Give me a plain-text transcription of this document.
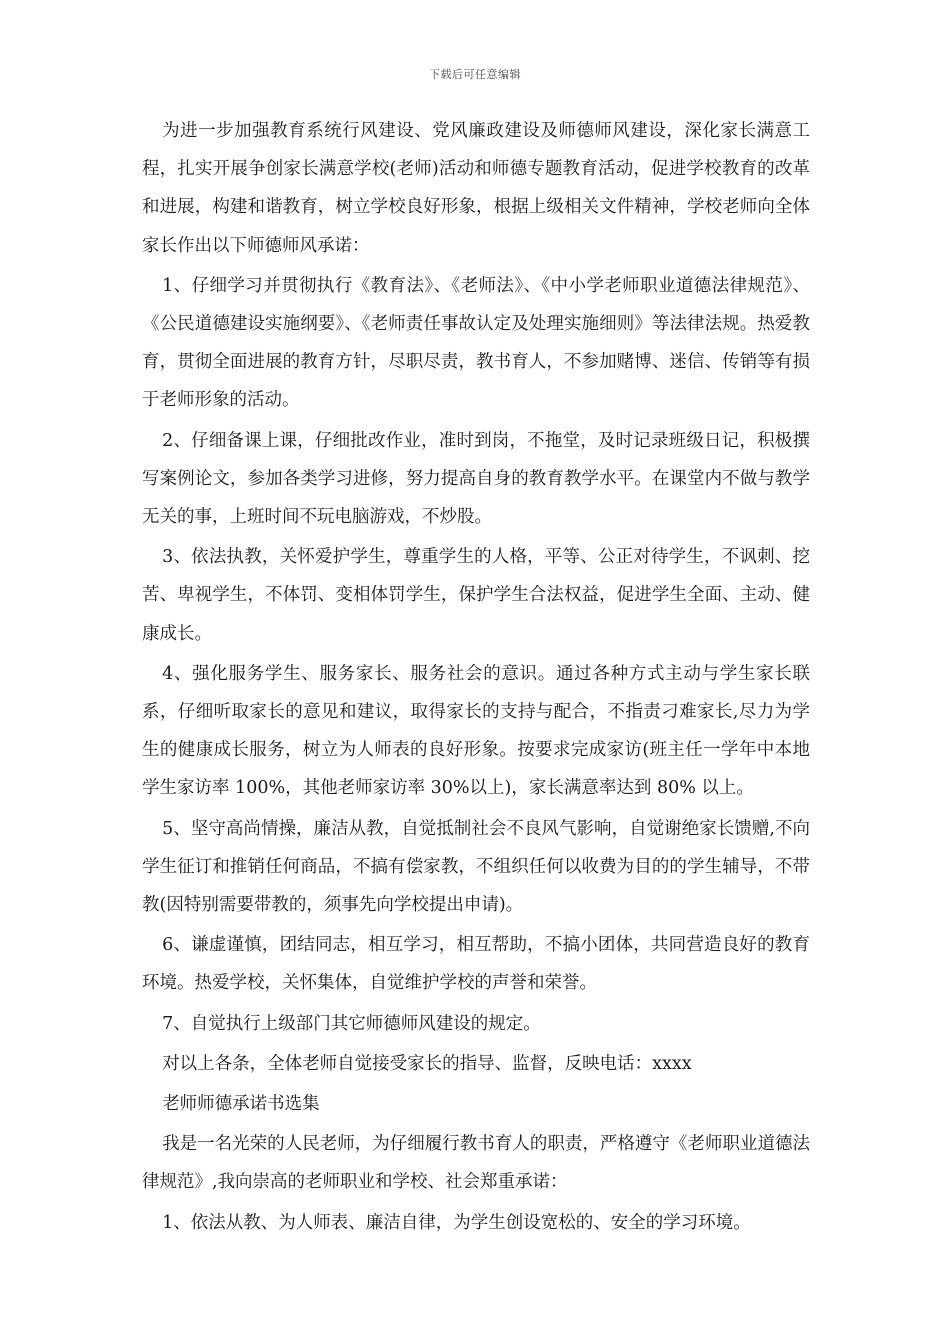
下载后可任意编辑

为进一步加强教育系统行风建设、党风廉政建设及师德师风建设，深化家长满意工程，扎实开展争创家长满意学校(老师)活动和师德专题教育活动，促进学校教育的改革和进展，构建和谐教育，树立学校良好形象，根据上级相关文件精神，学校老师向全体家长作出以下师德师风承诺：

1、仔细学习并贯彻执行《教育法》、《老师法》、《中小学老师职业道德法律规范》、《公民道德建设实施纲要》、《老师责任事故认定及处理实施细则》等法律法规。热爱教育，贯彻全面进展的教育方针，尽职尽责，教书育人，不参加赌博、迷信、传销等有损于老师形象的活动。

2、仔细备课上课，仔细批改作业，准时到岗，不拖堂，及时记录班级日记，积极撰写案例论文，参加各类学习进修，努力提高自身的教育教学水平。在课堂内不做与教学无关的事，上班时间不玩电脑游戏，不炒股。

3、依法执教，关怀爱护学生，尊重学生的人格，平等、公正对待学生，不讽刺、挖苦、卑视学生，不体罚、变相体罚学生，保护学生合法权益，促进学生全面、主动、健康成长。

4、强化服务学生、服务家长、服务社会的意识。通过各种方式主动与学生家长联系，仔细听取家长的意见和建议，取得家长的支持与配合，不指责刁难家长,尽力为学生的健康成长服务，树立为人师表的良好形象。按要求完成家访(班主任一学年中本地学生家访率 100%，其他老师家访率 30%以上)，家长满意率达到 80% 以上。

5、坚守高尚情操，廉洁从教，自觉抵制社会不良风气影响，自觉谢绝家长馈赠,不向学生征订和推销任何商品，不搞有偿家教，不组织任何以收费为目的的学生辅导，不带教(因特别需要带教的，须事先向学校提出申请)。

6、谦虚谨慎，团结同志，相互学习，相互帮助，不搞小团体，共同营造良好的教育环境。热爱学校，关怀集体，自觉维护学校的声誉和荣誉。

7、自觉执行上级部门其它师德师风建设的规定。

对以上各条，全体老师自觉接受家长的指导、监督，反映电话：xxxx

老师师德承诺书选集

我是一名光荣的人民老师，为仔细履行教书育人的职责，严格遵守《老师职业道德法律规范》,我向崇高的老师职业和学校、社会郑重承诺：

1、依法从教、为人师表、廉洁自律，为学生创设宽松的、安全的学习环境。
